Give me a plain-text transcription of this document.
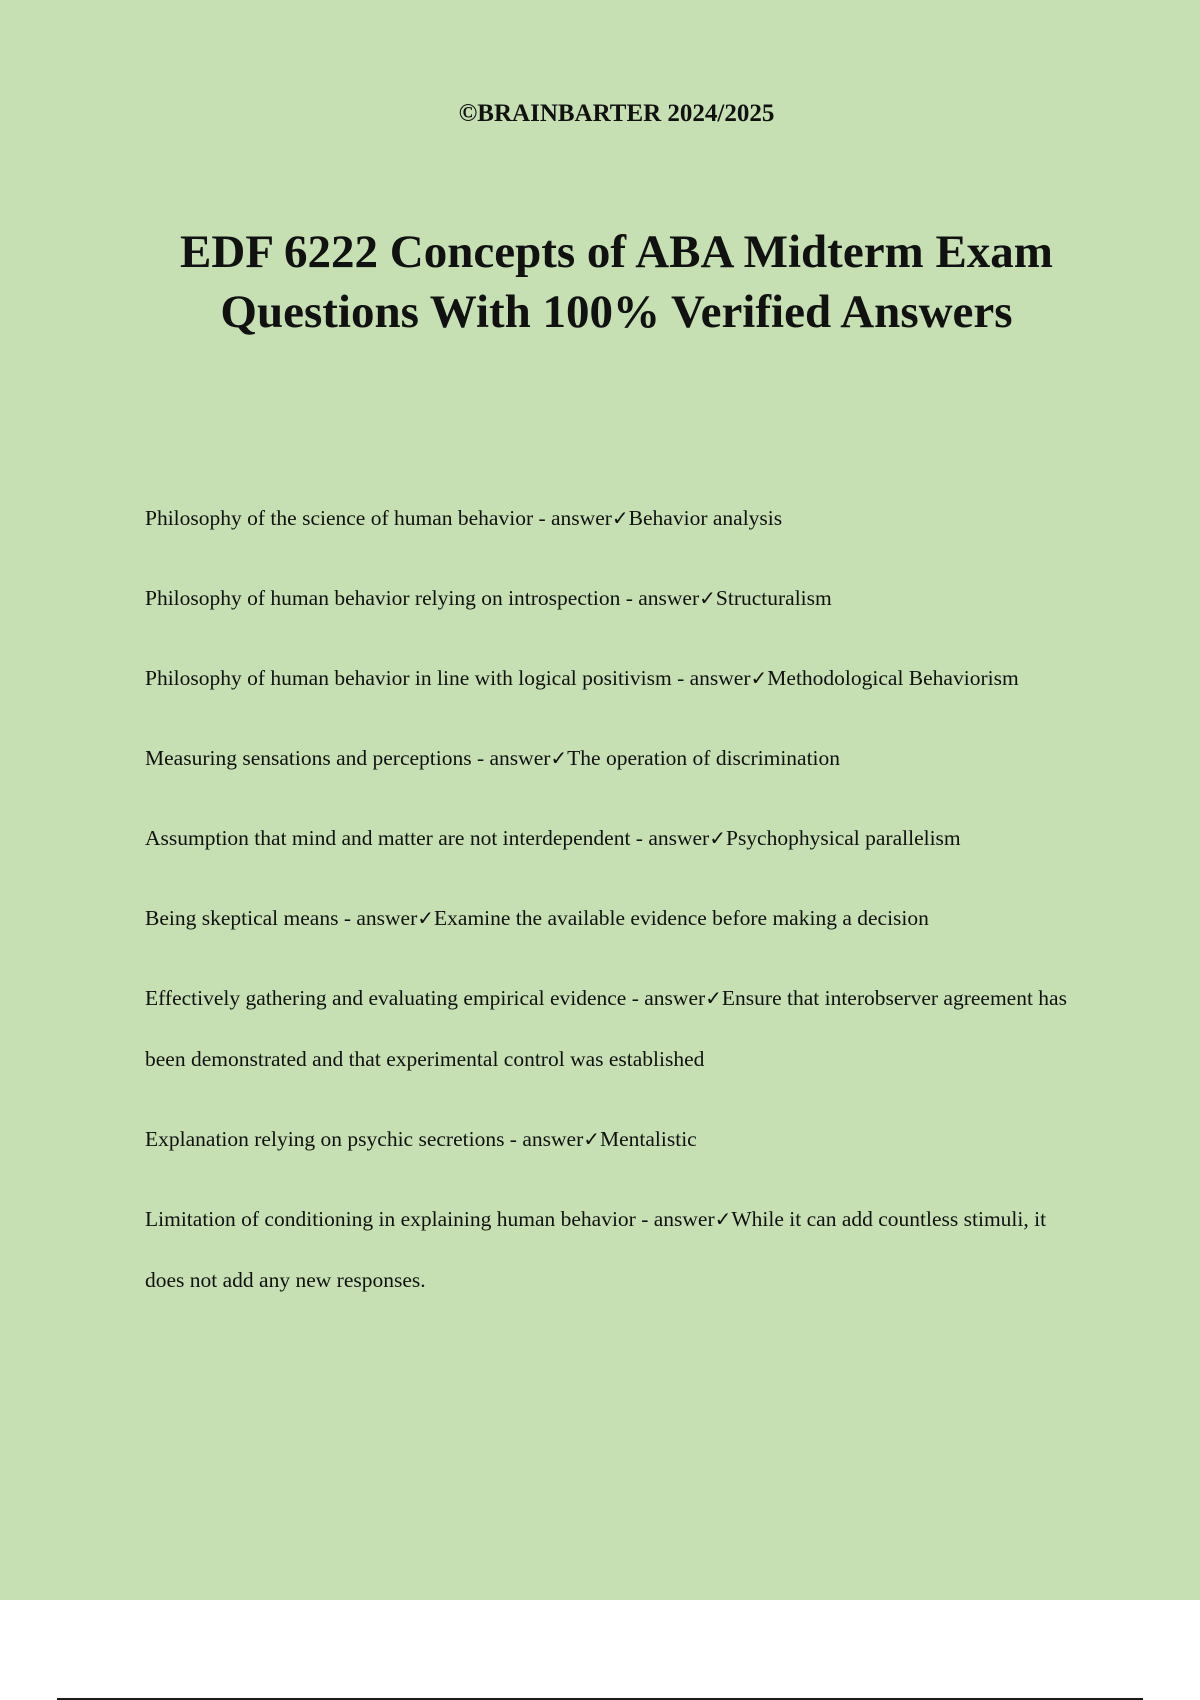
©BRAINBARTER 2024/2025
EDF 6222 Concepts of ABA Midterm Exam
Questions With 100% Verified Answers
Philosophy of the science of human behavior - answer✓Behavior analysis
Philosophy of human behavior relying on introspection - answer✓Structuralism
Philosophy of human behavior in line with logical positivism - answer✓Methodological Behaviorism
Measuring sensations and perceptions - answer✓The operation of discrimination
Assumption that mind and matter are not interdependent - answer✓Psychophysical parallelism
Being skeptical means - answer✓Examine the available evidence before making a decision
Effectively gathering and evaluating empirical evidence - answer✓Ensure that interobserver agreement has been demonstrated and that experimental control was established
Explanation relying on psychic secretions - answer✓Mentalistic
Limitation of conditioning in explaining human behavior - answer✓While it can add countless stimuli, it does not add any new responses.
